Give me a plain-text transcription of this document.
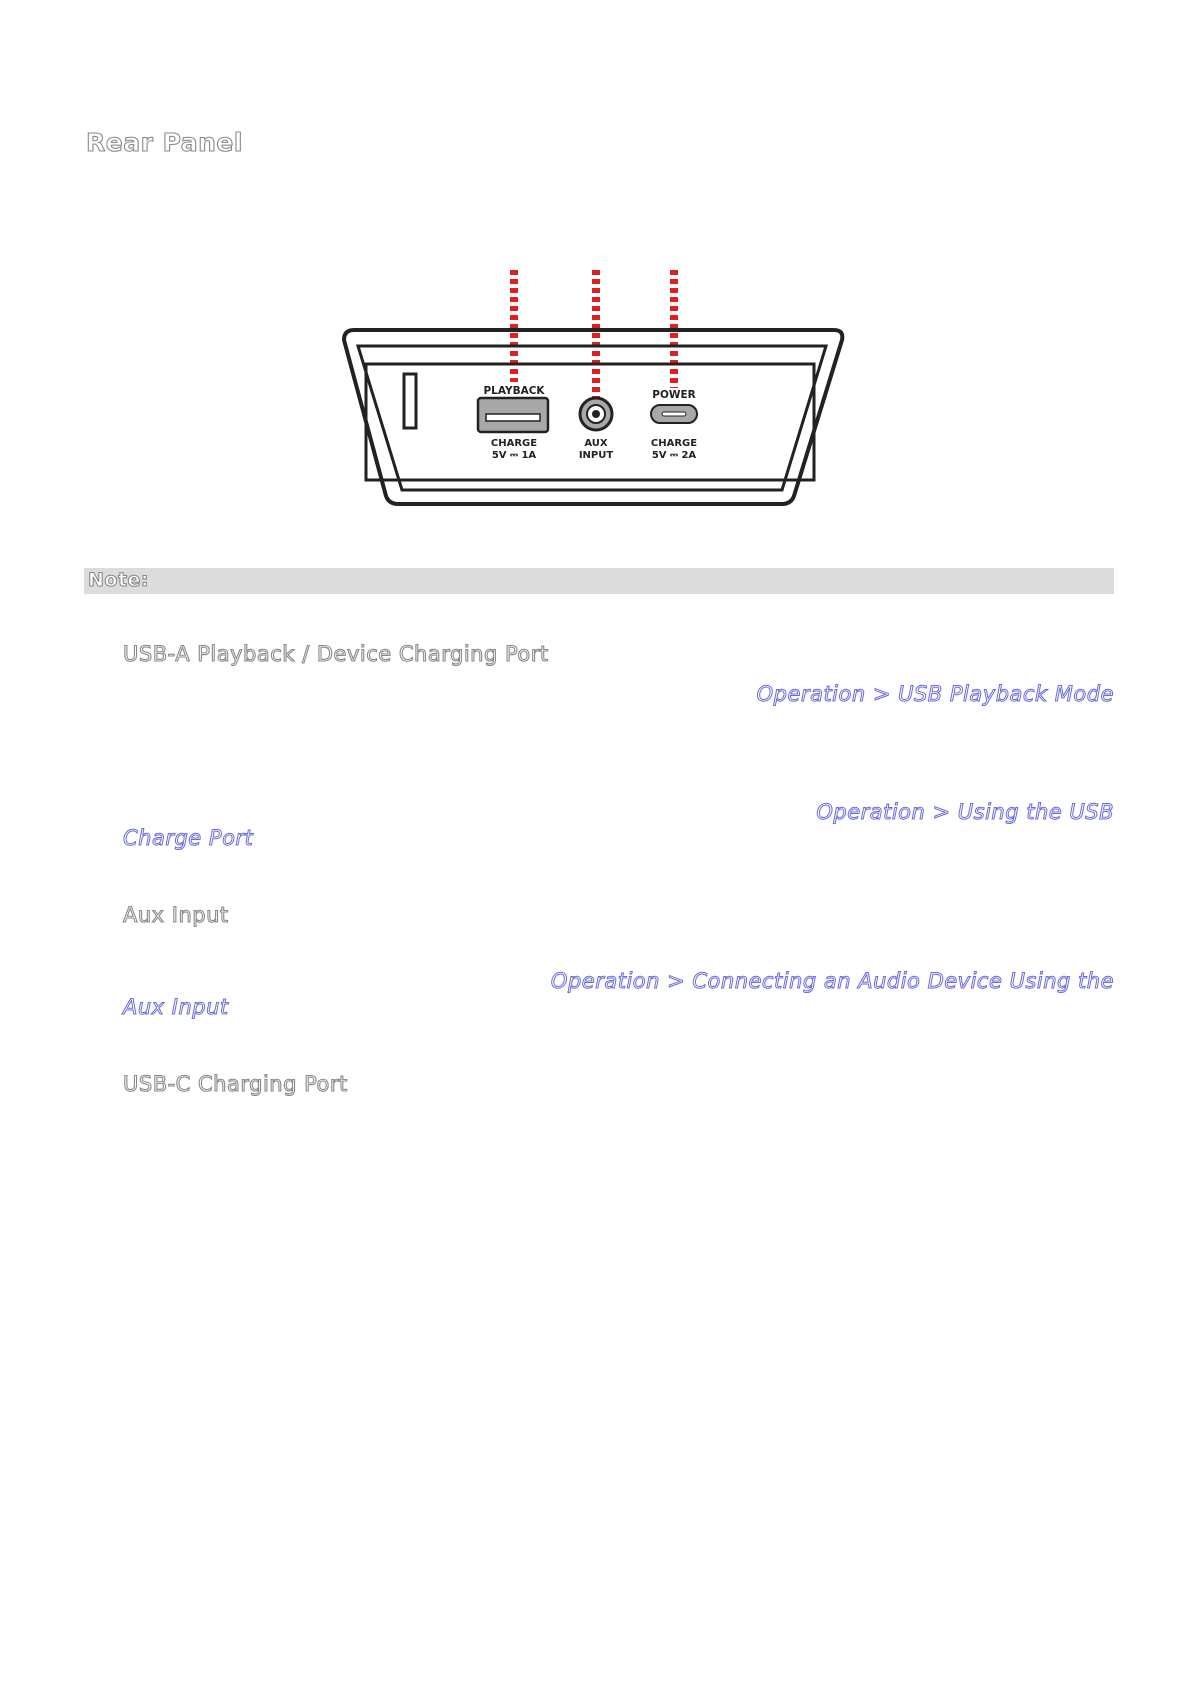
Rear Panel
PLAYBACK
CHARGE
5V ⎓ 1A
AUX
INPUT
POWER
CHARGE
5V ⎓ 2A
Note:
USB-A Playback / Device Charging Port
Operation > USB Playback Mode
Operation > Using the USB
Charge Port
Aux Input
Operation > Connecting an Audio Device Using the
Aux Input
USB-C Charging Port
